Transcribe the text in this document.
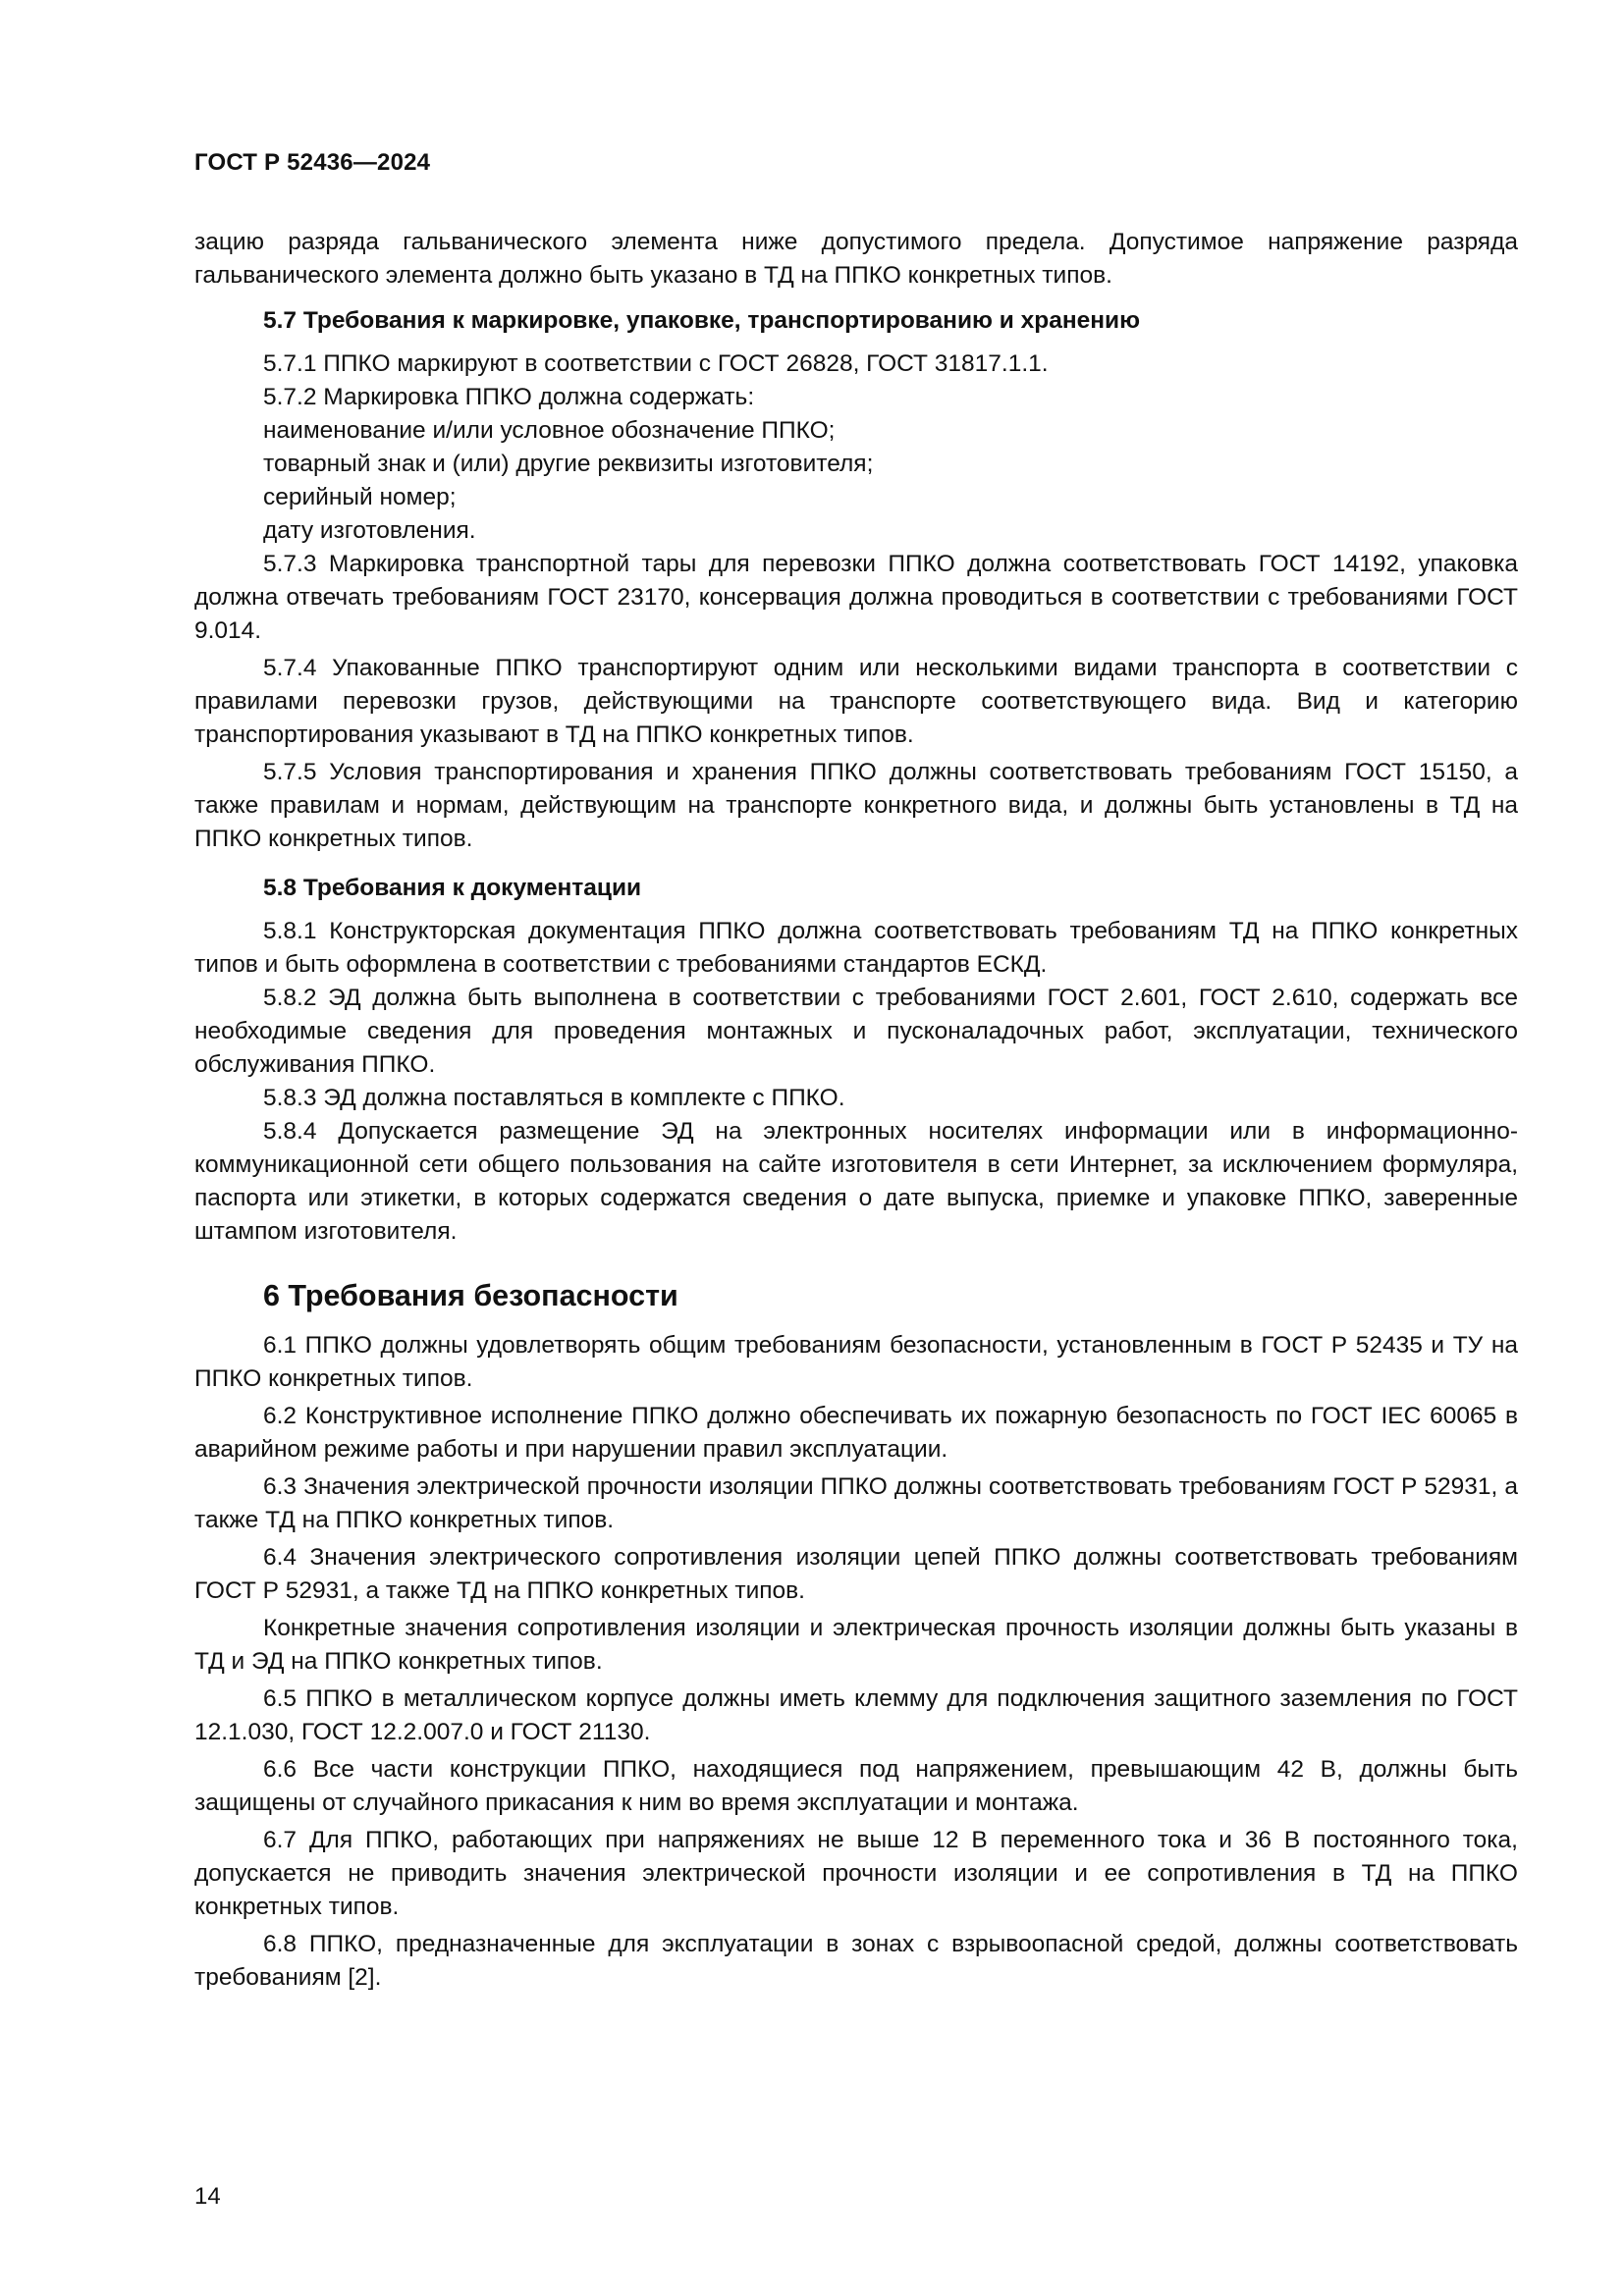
ГОСТ Р 52436—2024

зацию разряда гальванического элемента ниже допустимого предела. Допустимое напряжение разряда гальванического элемента должно быть указано в ТД на ППКО конкретных типов.

5.7 Требования к маркировке, упаковке, транспортированию и хранению

5.7.1 ППКО маркируют в соответствии с ГОСТ 26828, ГОСТ 31817.1.1.

5.7.2 Маркировка ППКО должна содержать:

наименование и/или условное обозначение ППКО;

товарный знак и (или) другие реквизиты изготовителя;

серийный номер;

дату изготовления.

5.7.3 Маркировка транспортной тары для перевозки ППКО должна соответствовать ГОСТ 14192, упаковка должна отвечать требованиям ГОСТ 23170, консервация должна проводиться в соответствии с требованиями ГОСТ 9.014.

5.7.4 Упакованные ППКО транспортируют одним или несколькими видами транспорта в соответствии с правилами перевозки грузов, действующими на транспорте соответствующего вида. Вид и категорию транспортирования указывают в ТД на ППКО конкретных типов.

5.7.5 Условия транспортирования и хранения ППКО должны соответствовать требованиям ГОСТ 15150, а также правилам и нормам, действующим на транспорте конкретного вида, и должны быть установлены в ТД на ППКО конкретных типов.

5.8 Требования к документации

5.8.1 Конструкторская документация ППКО должна соответствовать требованиям ТД на ППКО конкретных типов и быть оформлена в соответствии с требованиями стандартов ЕСКД.

5.8.2 ЭД должна быть выполнена в соответствии с требованиями ГОСТ 2.601, ГОСТ 2.610, содержать все необходимые сведения для проведения монтажных и пусконаладочных работ, эксплуатации, технического обслуживания ППКО.

5.8.3 ЭД должна поставляться в комплекте с ППКО.

5.8.4 Допускается размещение ЭД на электронных носителях информации или в информационно-коммуникационной сети общего пользования на сайте изготовителя в сети Интернет, за исключением формуляра, паспорта или этикетки, в которых содержатся сведения о дате выпуска, приемке и упаковке ППКО, заверенные штампом изготовителя.

6 Требования безопасности

6.1 ППКО должны удовлетворять общим требованиям безопасности, установленным в ГОСТ Р 52435 и ТУ на ППКО конкретных типов.

6.2 Конструктивное исполнение ППКО должно обеспечивать их пожарную безопасность по ГОСТ IEC 60065 в аварийном режиме работы и при нарушении правил эксплуатации.

6.3 Значения электрической прочности изоляции ППКО должны соответствовать требованиям ГОСТ Р 52931, а также ТД на ППКО конкретных типов.

6.4 Значения электрического сопротивления изоляции цепей ППКО должны соответствовать требованиям ГОСТ Р 52931, а также ТД на ППКО конкретных типов.

Конкретные значения сопротивления изоляции и электрическая прочность изоляции должны быть указаны в ТД и ЭД на ППКО конкретных типов.

6.5 ППКО в металлическом корпусе должны иметь клемму для подключения защитного заземления по ГОСТ 12.1.030, ГОСТ 12.2.007.0 и ГОСТ 21130.

6.6 Все части конструкции ППКО, находящиеся под напряжением, превышающим 42 В, должны быть защищены от случайного прикасания к ним во время эксплуатации и монтажа.

6.7 Для ППКО, работающих при напряжениях не выше 12 В переменного тока и 36 В постоянного тока, допускается не приводить значения электрической прочности изоляции и ее сопротивления в ТД на ППКО конкретных типов.

6.8 ППКО, предназначенные для эксплуатации в зонах с взрывоопасной средой, должны соответствовать требованиям [2].

14
